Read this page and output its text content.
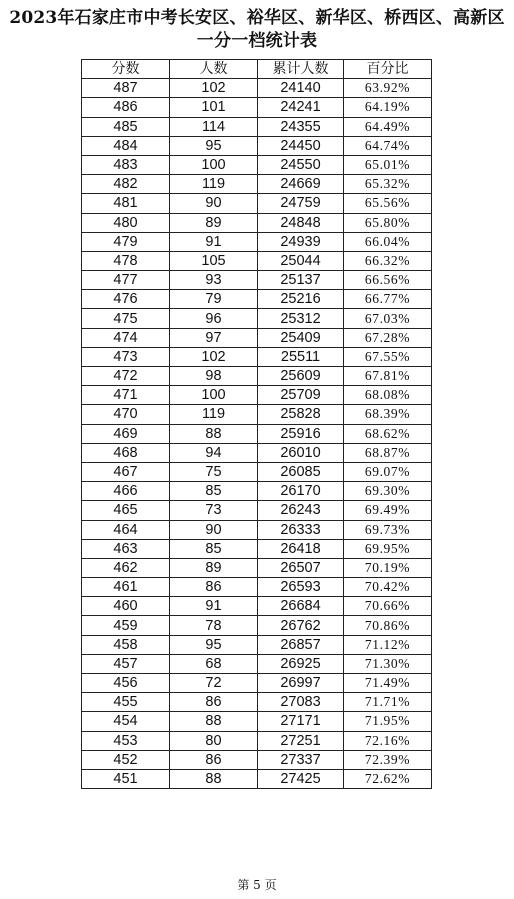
2023年石家庄市中考长安区、裕华区、新华区、桥西区、高新区
一分一档统计表
分数	人数	累计人数	百分比
487	102	24140	63.92%
486	101	24241	64.19%
485	114	24355	64.49%
484	95	24450	64.74%
483	100	24550	65.01%
482	119	24669	65.32%
481	90	24759	65.56%
480	89	24848	65.80%
479	91	24939	66.04%
478	105	25044	66.32%
477	93	25137	66.56%
476	79	25216	66.77%
475	96	25312	67.03%
474	97	25409	67.28%
473	102	25511	67.55%
472	98	25609	67.81%
471	100	25709	68.08%
470	119	25828	68.39%
469	88	25916	68.62%
468	94	26010	68.87%
467	75	26085	69.07%
466	85	26170	69.30%
465	73	26243	69.49%
464	90	26333	69.73%
463	85	26418	69.95%
462	89	26507	70.19%
461	86	26593	70.42%
460	91	26684	70.66%
459	78	26762	70.86%
458	95	26857	71.12%
457	68	26925	71.30%
456	72	26997	71.49%
455	86	27083	71.71%
454	88	27171	71.95%
453	80	27251	72.16%
452	86	27337	72.39%
451	88	27425	72.62%
第 5 页
